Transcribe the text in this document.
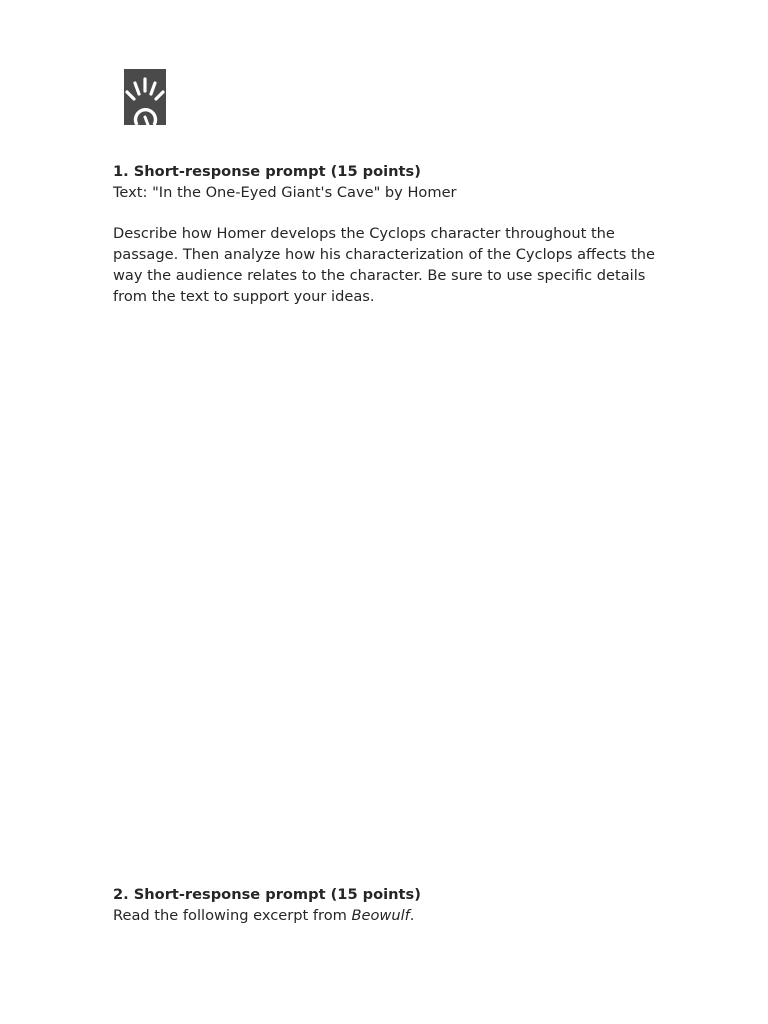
1. Short-response prompt (15 points)

Text: "In the One-Eyed Giant's Cave" by Homer

Describe how Homer develops the Cyclops character throughout the passage. Then analyze how his characterization of the Cyclops affects the way the audience relates to the character. Be sure to use specific details from the text to support your ideas.

2. Short-response prompt (15 points)

Read the following excerpt from Beowulf.
